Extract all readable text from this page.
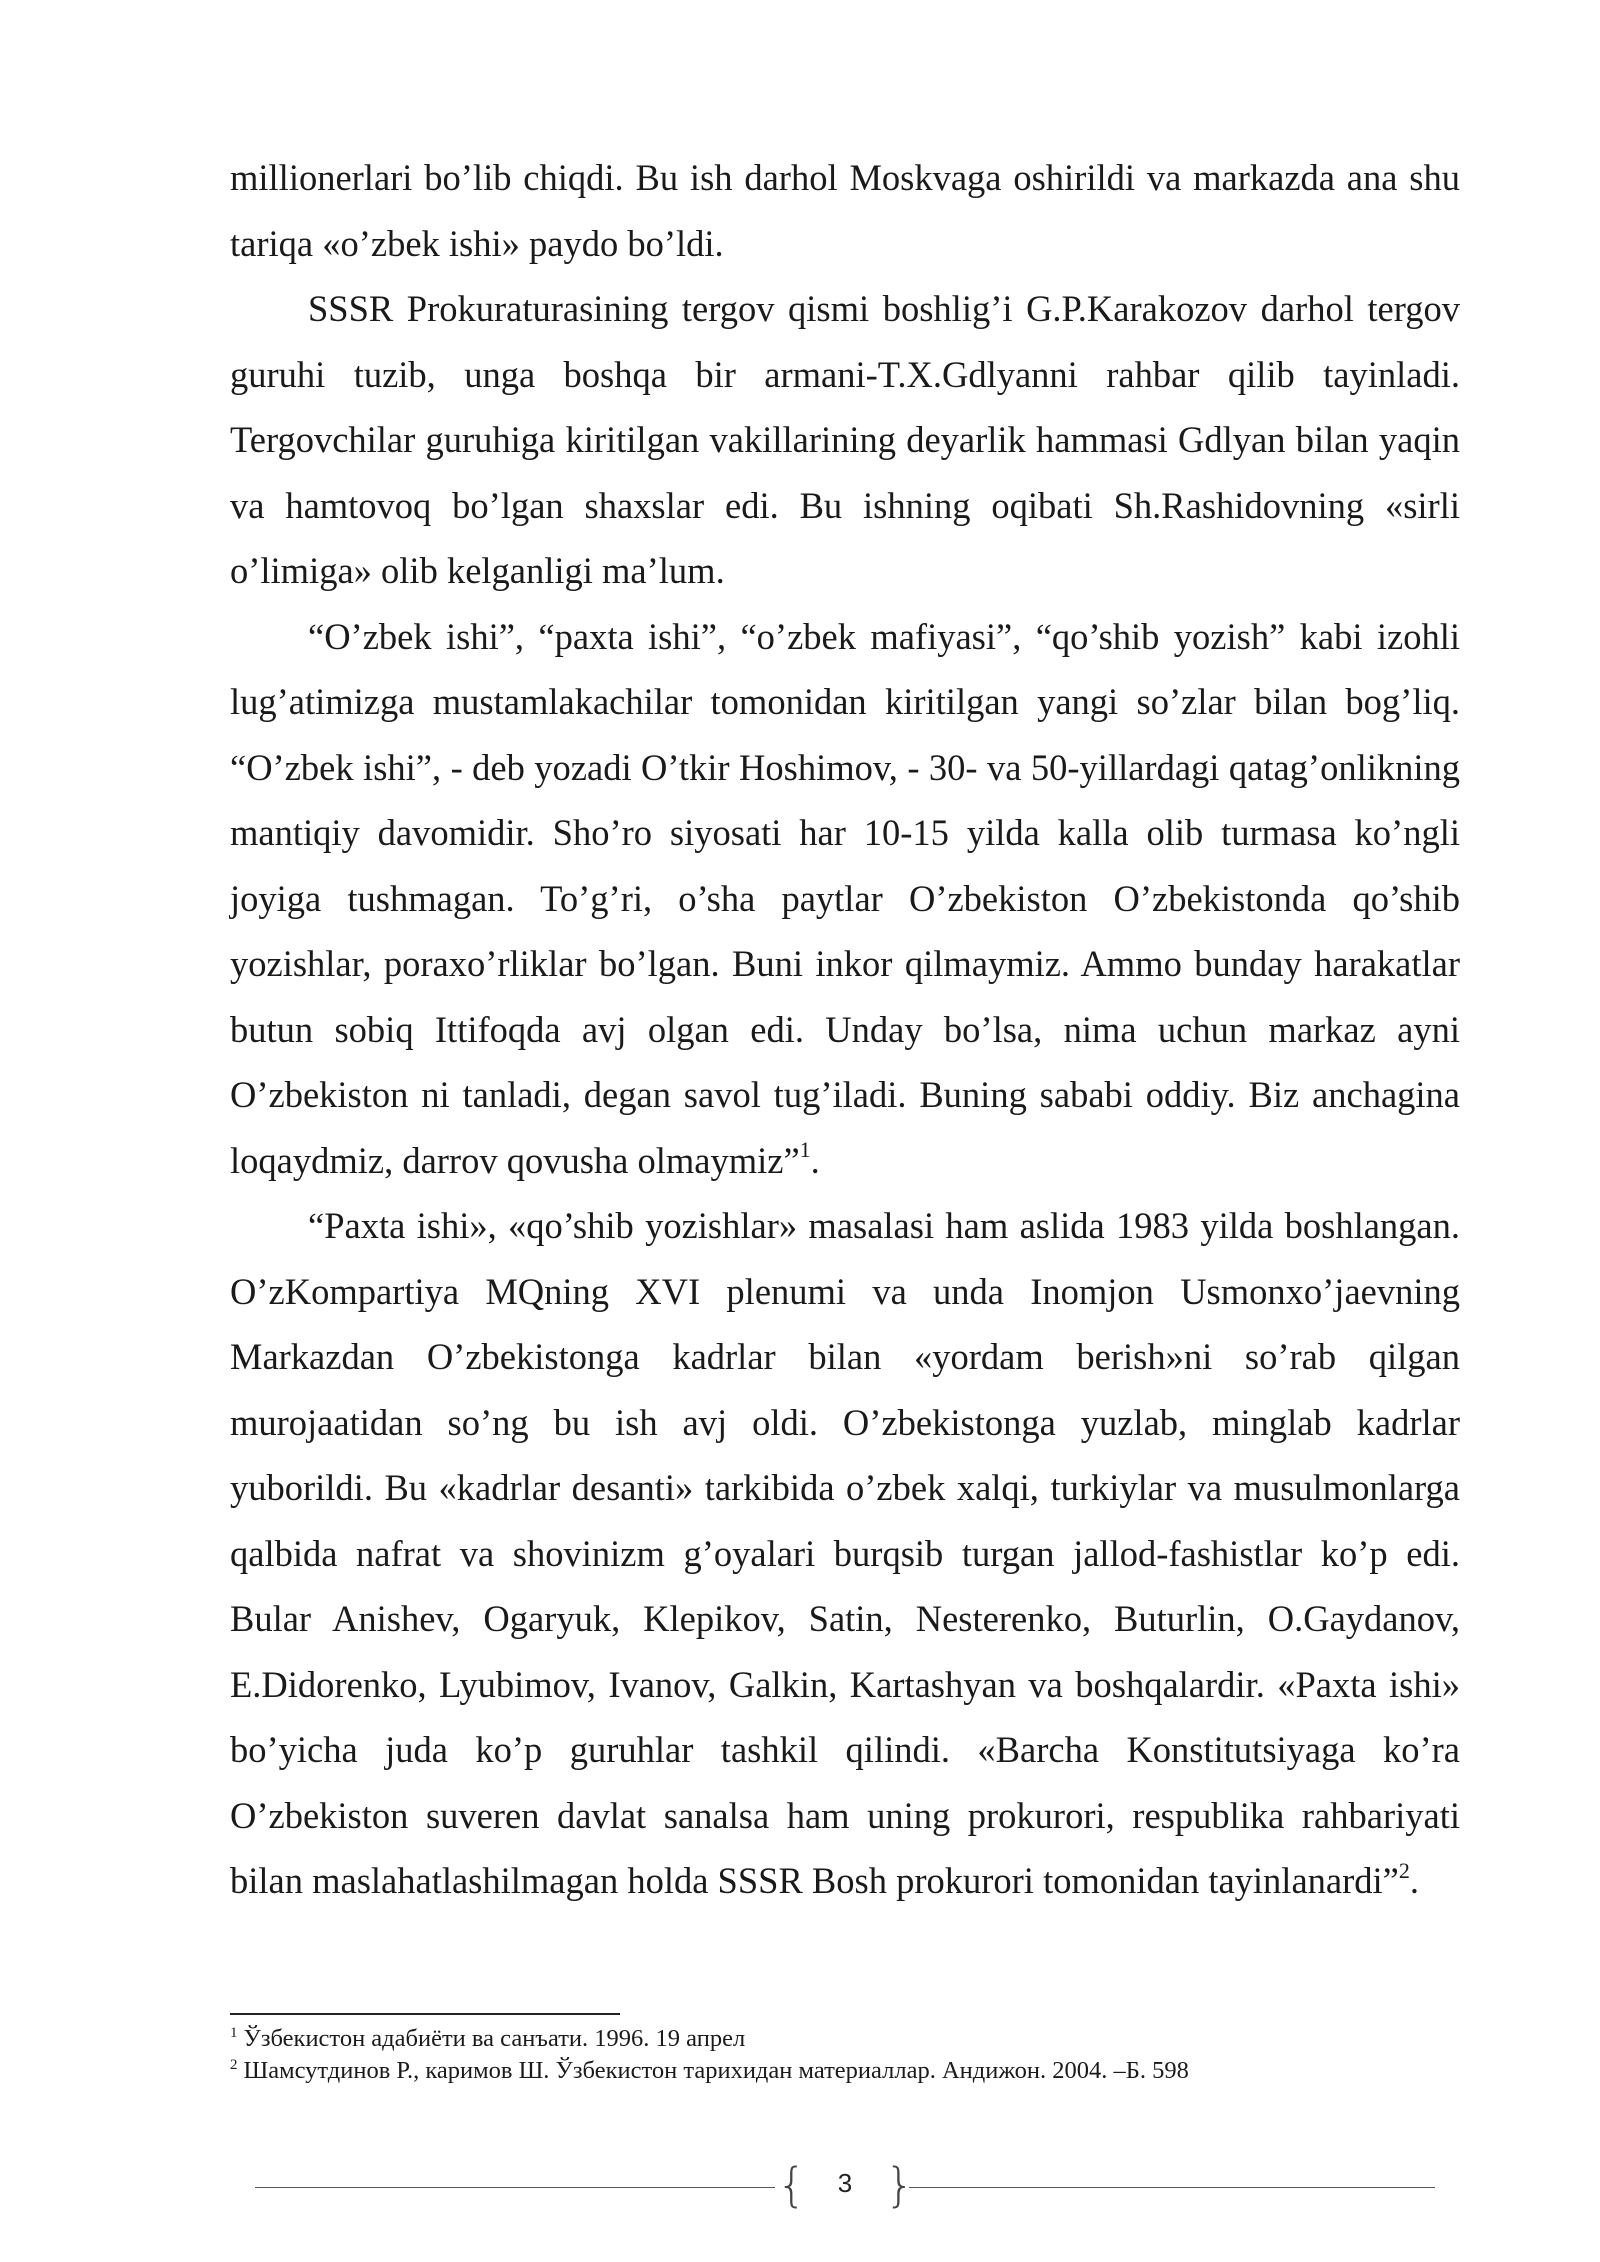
millionerlari bo’lib chiqdi. Bu ish darhol Moskvaga oshirildi va markazda ana shu tariqa «o’zbek ishi» paydo bo’ldi.

SSSR Prokuraturasining tergov qismi boshlig’i G.P.Karakozov darhol tergov guruhi tuzib, unga boshqa bir armani-T.X.Gdlyanni rahbar qilib tayinladi. Tergovchilar guruhiga kiritilgan vakillarining deyarlik hammasi Gdlyan bilan yaqin va hamtovoq bo’lgan shaxslar edi. Bu ishning oqibati Sh.Rashidovning «sirli o’limiga» olib kelganligi ma’lum.

“O’zbek ishi”, “paxta ishi”, “o’zbek mafiyasi”, “qo’shib yozish” kabi izohli lug’atimizga mustamlakachilar tomonidan kiritilgan yangi so’zlar bilan bog’liq. “O’zbek ishi”, - deb yozadi O’tkir Hoshimov, - 30- va 50-yillardagi qatag’onlikning mantiqiy davomidir. Sho’ro siyosati har 10-15 yilda kalla olib turmasa ko’ngli joyiga tushmagan. To’g’ri, o’sha paytlar O’zbekiston O’zbekistonda qo’shib yozishlar, poraxo’rliklar bo’lgan. Buni inkor qilmaymiz. Ammo bunday harakatlar butun sobiq Ittifoqda avj olgan edi. Unday bo’lsa, nima uchun markaz ayni O’zbekiston ni tanladi, degan savol tug’iladi. Buning sababi oddiy. Biz anchagina loqaydmiz, darrov qovusha olmaymiz”$^1$.

“Paxta ishi», «qo’shib yozishlar» masalasi ham aslida 1983 yilda boshlangan. O’zKompartiya MQning XVI plenumi va unda Inomjon Usmonxo’jaevning Markazdan O’zbekistonga kadrlar bilan «yordam berish»ni so’rab qilgan murojaatidan so’ng bu ish avj oldi. O’zbekistonga yuzlab, minglab kadrlar yuborildi. Bu «kadrlar desanti» tarkibida o’zbek xalqi, turkiylar va musulmonlarga qalbida nafrat va shovinizm g’oyalari burqsib turgan jallod-fashistlar ko’p edi. Bular Anishev, Ogaryuk, Klepikov, Satin, Nesterenko, Buturlin, O.Gaydanov, E.Didorenko, Lyubimov, Ivanov, Galkin, Kartashyan va boshqalardir. «Paxta ishi» bo’yicha juda ko’p guruhlar tashkil qilindi. «Barcha Konstitutsiyaga ko’ra O’zbekiston suveren davlat sanalsa ham uning prokurori, respublika rahbariyati bilan maslahatlashilmagan holda SSSR Bosh prokurori tomonidan tayinlanardi”$^2$.

$^1$ Ўзбекистон адабиёти ва санъати. 1996. 19 апрел
$^2$ Шамсутдинов Р., каримов Ш. Ўзбекистон тарихидан материаллар. Андижон. 2004. –Б. 598
{	3 }
